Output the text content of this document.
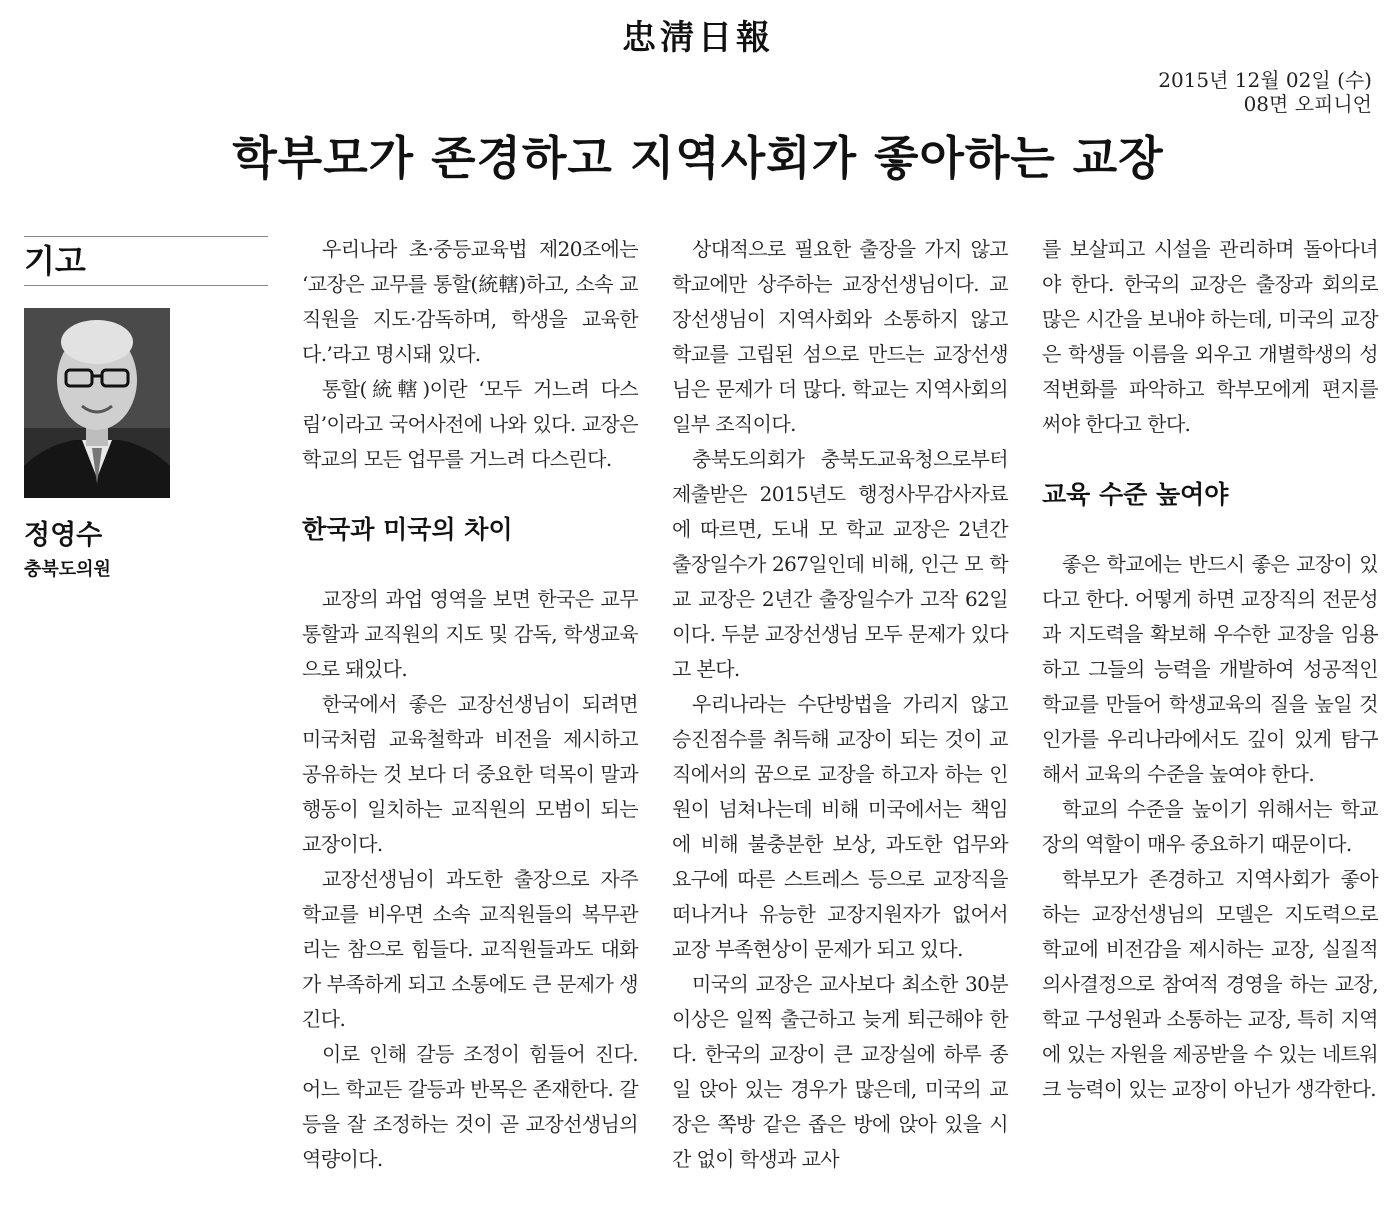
忠淸日報
2015년 12월 02일 (수)
08면 오피니언
학부모가 존경하고 지역사회가 좋아하는 교장
기고
정영수
충북도의원

우리나라 초·중등교육법 제20조에는 ‘교장은 교무를 통할(統轄)하고, 소속 교직원을 지도·감독하며, 학생을 교육한다.’라고 명시돼 있다.

통할(統轄)이란 ‘모두 거느려 다스림’이라고 국어사전에 나와 있다. 교장은 학교의 모든 업무를 거느려 다스린다.

한국과 미국의 차이

교장의 과업 영역을 보면 한국은 교무통할과 교직원의 지도 및 감독, 학생교육으로 돼있다.

한국에서 좋은 교장선생님이 되려면 미국처럼 교육철학과 비전을 제시하고 공유하는 것 보다 더 중요한 덕목이 말과 행동이 일치하는 교직원의 모범이 되는 교장이다.

교장선생님이 과도한 출장으로 자주 학교를 비우면 소속 교직원들의 복무관리는 참으로 힘들다. 교직원들과도 대화가 부족하게 되고 소통에도 큰 문제가 생긴다.

이로 인해 갈등 조정이 힘들어 진다. 어느 학교든 갈등과 반목은 존재한다. 갈등을 잘 조정하는 것이 곧 교장선생님의 역량이다.

상대적으로 필요한 출장을 가지 않고 학교에만 상주하는 교장선생님이다. 교장선생님이 지역사회와 소통하지 않고 학교를 고립된 섬으로 만드는 교장선생님은 문제가 더 많다. 학교는 지역사회의 일부 조직이다.

충북도의회가 충북도교육청으로부터 제출받은 2015년도 행정사무감사자료에 따르면, 도내 모 학교 교장은 2년간 출장일수가 267일인데 비해, 인근 모 학교 교장은 2년간 출장일수가 고작 62일이다. 두분 교장선생님 모두 문제가 있다고 본다.

우리나라는 수단방법을 가리지 않고 승진점수를 취득해 교장이 되는 것이 교직에서의 꿈으로 교장을 하고자 하는 인원이 넘쳐나는데 비해 미국에서는 책임에 비해 불충분한 보상, 과도한 업무와 요구에 따른 스트레스 등으로 교장직을 떠나거나 유능한 교장지원자가 없어서 교장 부족현상이 문제가 되고 있다.

미국의 교장은 교사보다 최소한 30분 이상은 일찍 출근하고 늦게 퇴근해야 한다. 한국의 교장이 큰 교장실에 하루 종일 앉아 있는 경우가 많은데, 미국의 교장은 쪽방 같은 좁은 방에 앉아 있을 시간 없이 학생과 교사

를 보살피고 시설을 관리하며 돌아다녀야 한다. 한국의 교장은 출장과 회의로 많은 시간을 보내야 하는데, 미국의 교장은 학생들 이름을 외우고 개별학생의 성적변화를 파악하고 학부모에게 편지를 써야 한다고 한다.

교육 수준 높여야

좋은 학교에는 반드시 좋은 교장이 있다고 한다. 어떻게 하면 교장직의 전문성과 지도력을 확보해 우수한 교장을 임용하고 그들의 능력을 개발하여 성공적인 학교를 만들어 학생교육의 질을 높일 것인가를 우리나라에서도 깊이 있게 탐구해서 교육의 수준을 높여야 한다.

학교의 수준을 높이기 위해서는 학교장의 역할이 매우 중요하기 때문이다.

학부모가 존경하고 지역사회가 좋아하는 교장선생님의 모델은 지도력으로 학교에 비전감을 제시하는 교장, 실질적 의사결정으로 참여적 경영을 하는 교장, 학교 구성원과 소통하는 교장, 특히 지역에 있는 자원을 제공받을 수 있는 네트워크 능력이 있는 교장이 아닌가 생각한다.
